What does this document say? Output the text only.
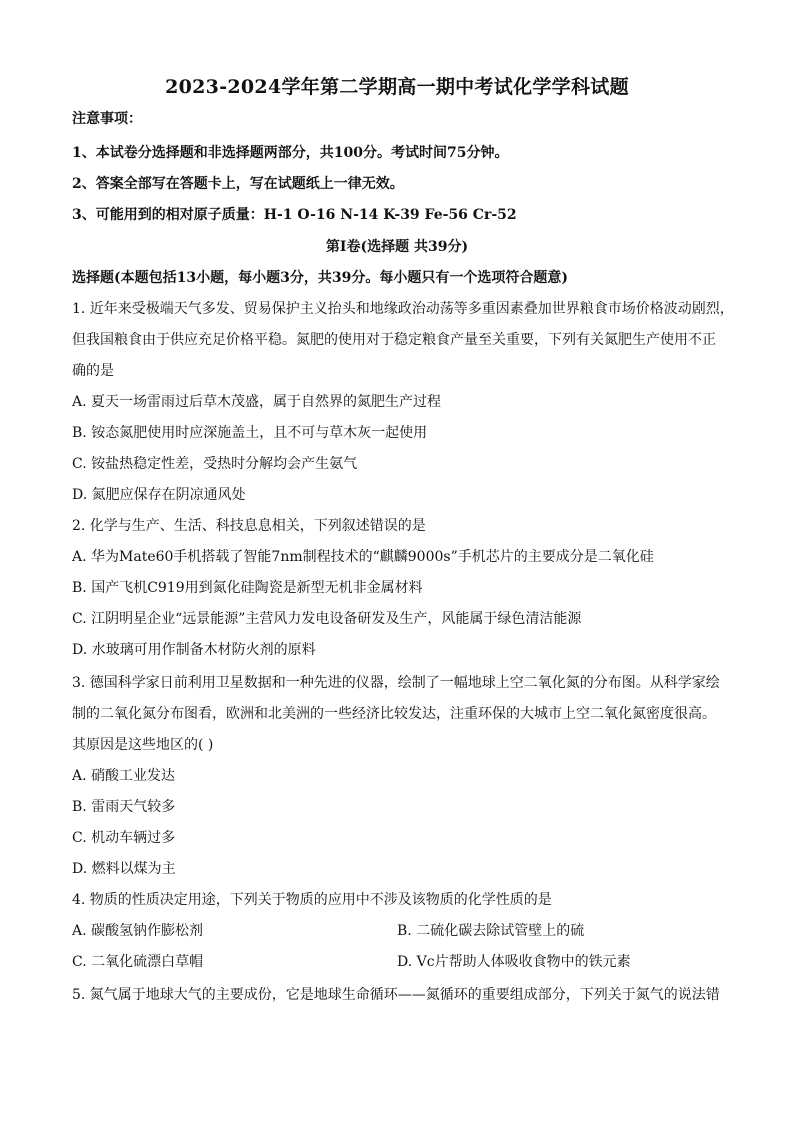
2023-2024学年第二学期高一期中考试化学学科试题
注意事项：
1、本试卷分选择题和非选择题两部分，共100分。考试时间75分钟。
2、答案全部写在答题卡上，写在试题纸上一律无效。
3、可能用到的相对原子质量：H-1 O-16 N-14 K-39 Fe-56 Cr-52
第Ⅰ卷(选择题 共39分)
选择题(本题包括13小题，每小题3分，共39分。每小题只有一个选项符合题意)
1. 近年来受极端天气多发、贸易保护主义抬头和地缘政治动荡等多重因素叠加世界粮食市场价格波动剧烈，
但我国粮食由于供应充足价格平稳。氮肥的使用对于稳定粮食产量至关重要，下列有关氮肥生产使用不正
确的是
A. 夏天一场雷雨过后草木茂盛，属于自然界的氮肥生产过程
B. 铵态氮肥使用时应深施盖土，且不可与草木灰一起使用
C. 铵盐热稳定性差，受热时分解均会产生氨气
D. 氮肥应保存在阴凉通风处
2. 化学与生产、生活、科技息息相关，下列叙述错误的是
A. 华为Mate60手机搭载了智能7nm制程技术的“麒麟9000s”手机芯片的主要成分是二氧化硅
B. 国产飞机C919用到氮化硅陶瓷是新型无机非金属材料
C. 江阴明星企业“远景能源”主营风力发电设备研发及生产，风能属于绿色清洁能源
D. 水玻璃可用作制备木材防火剂的原料
3. 德国科学家日前利用卫星数据和一种先进的仪器，绘制了一幅地球上空二氧化氮的分布图。从科学家绘
制的二氧化氮分布图看，欧洲和北美洲的一些经济比较发达，注重环保的大城市上空二氧化氮密度很高。
其原因是这些地区的( )
A. 硝酸工业发达
B. 雷雨天气较多
C. 机动车辆过多
D. 燃料以煤为主
4. 物质的性质决定用途，下列关于物质的应用中不涉及该物质的化学性质的是
A. 碳酸氢钠作膨松剂	B. 二硫化碳去除试管壁上的硫
C. 二氧化硫漂白草帽	D. Vc片帮助人体吸收食物中的铁元素
5. 氮气属于地球大气的主要成份，它是地球生命循环——氮循环的重要组成部分，下列关于氮气的说法错
